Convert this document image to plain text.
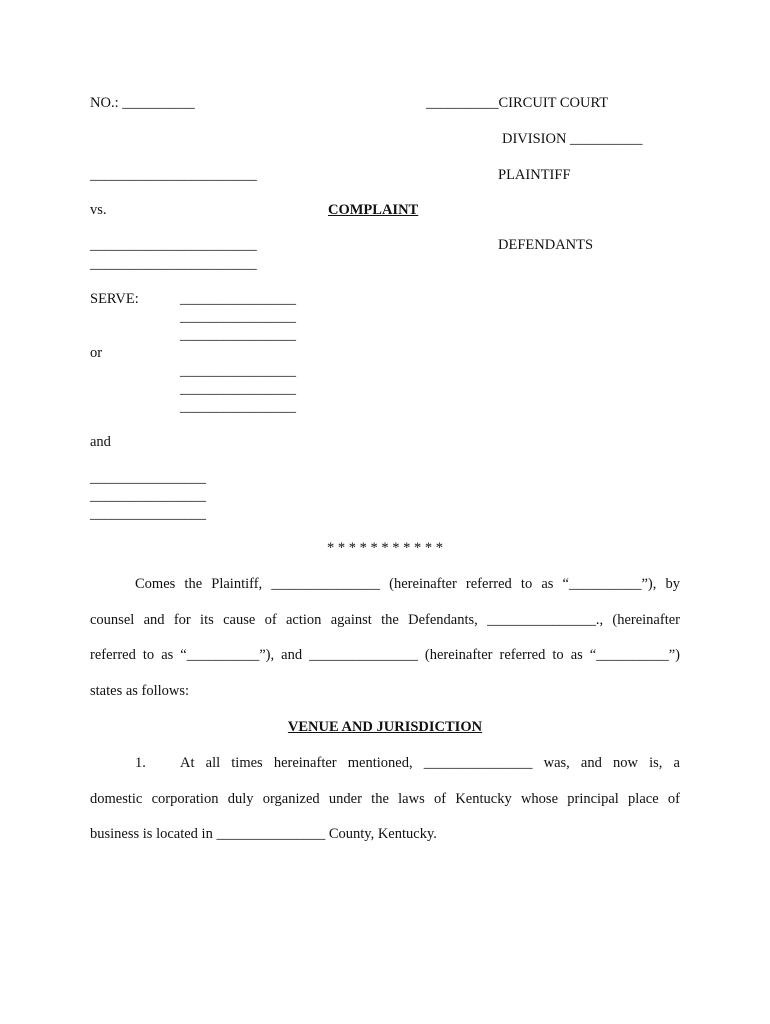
NO.: __________	__________CIRCUIT COURT
DIVISION __________
_______________________	PLAINTIFF
vs.	COMPLAINT
_______________________
_______________________
DEFENDANTS
SERVE:	________________
________________
________________
or
________________
________________
________________
and
________________
________________
________________
* * * * * * * * * * *
Comes the Plaintiff, _______________ (hereinafter referred to as “__________”), by
counsel and for its cause of action against the Defendants, _______________., (hereinafter
referred to as “__________”), and _______________ (hereinafter referred to as “__________”)
states as follows:
VENUE AND JURISDICTION
1.	At all times hereinafter mentioned, _______________ was, and now is, a
domestic corporation duly organized under the laws of Kentucky whose principal place of
business is located in _______________ County, Kentucky.
